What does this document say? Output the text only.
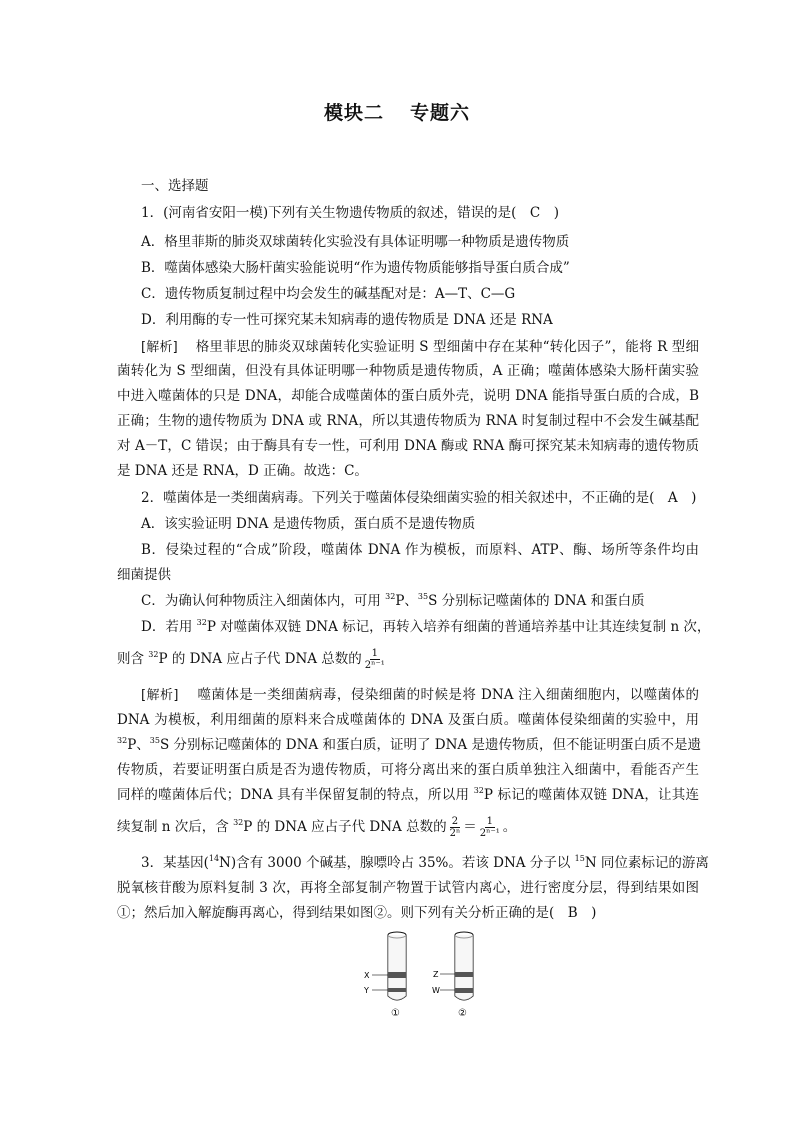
模块二 专题六
一、选择题
1．(河南省安阳一模)下列有关生物遗传物质的叙述，错误的是(　C　)
A．格里菲斯的肺炎双球菌转化实验没有具体证明哪一种物质是遗传物质
B．噬菌体感染大肠杆菌实验能说明“作为遗传物质能够指导蛋白质合成”
C．遗传物质复制过程中均会发生的碱基配对是：A—T、C—G
D．利用酶的专一性可探究某未知病毒的遗传物质是 DNA 还是 RNA
[解析] 格里菲思的肺炎双球菌转化实验证明 S 型细菌中存在某种“转化因子”，能将 R 型细
菌转化为 S 型细菌，但没有具体证明哪一种物质是遗传物质，A 正确；噬菌体感染大肠杆菌实验
中进入噬菌体的只是 DNA，却能合成噬菌体的蛋白质外壳，说明 DNA 能指导蛋白质的合成，B
正确；生物的遗传物质为 DNA 或 RNA，所以其遗传物质为 RNA 时复制过程中不会发生碱基配
对 A－T，C 错误；由于酶具有专一性，可利用 DNA 酶或 RNA 酶可探究某未知病毒的遗传物质
是 DNA 还是 RNA，D 正确。故选：C。
2．噬菌体是一类细菌病毒。下列关于噬菌体侵染细菌实验的相关叙述中，不正确的是(　A　)
A．该实验证明 DNA 是遗传物质，蛋白质不是遗传物质
B．侵染过程的“合成”阶段，噬菌体 DNA 作为模板，而原料、ATP、酶、场所等条件均由
细菌提供
C．为确认何种物质注入细菌体内，可用 $^{32}$P、$^{35}$S 分别标记噬菌体的 DNA 和蛋白质
D．若用 $^{32}$P 对噬菌体双链 DNA 标记，再转入培养有细菌的普通培养基中让其连续复制 n 次，
则含 $^{32}$P 的 DNA 应占子代 DNA 总数的 $\frac{1}{\text{2ⁿ⁻¹}}$
[解析] 噬菌体是一类细菌病毒，侵染细菌的时候是将 DNA 注入细菌细胞内，以噬菌体的
DNA 为模板，利用细菌的原料来合成噬菌体的 DNA 及蛋白质。噬菌体侵染细菌的实验中，用
$^{32}$P、$^{35}$S 分别标记噬菌体的 DNA 和蛋白质，证明了 DNA 是遗传物质，但不能证明蛋白质不是遗
传物质，若要证明蛋白质是否为遗传物质，可将分离出来的蛋白质单独注入细菌中，看能否产生
同样的噬菌体后代；DNA 具有半保留复制的特点，所以用 $^{32}$P 标记的噬菌体双链 DNA，让其连
续复制 n 次后，含 $^{32}$P 的 DNA 应占子代 DNA 总数的 $\frac{2}{\text{2ⁿ}} = \frac{1}{\text{2ⁿ⁻¹}}$ 。
3．某基因($^{14}$N)含有 3000 个碱基，腺嘌呤占 35%。若该 DNA 分子以 $^{15}$N 同位素标记的游离
脱氧核苷酸为原料复制 3 次，再将全部复制产物置于试管内离心，进行密度分层，得到结果如图
①；然后加入解旋酶再离心，得到结果如图②。则下列有关分析正确的是(　B　)
X
Y
①
Z
W
②
